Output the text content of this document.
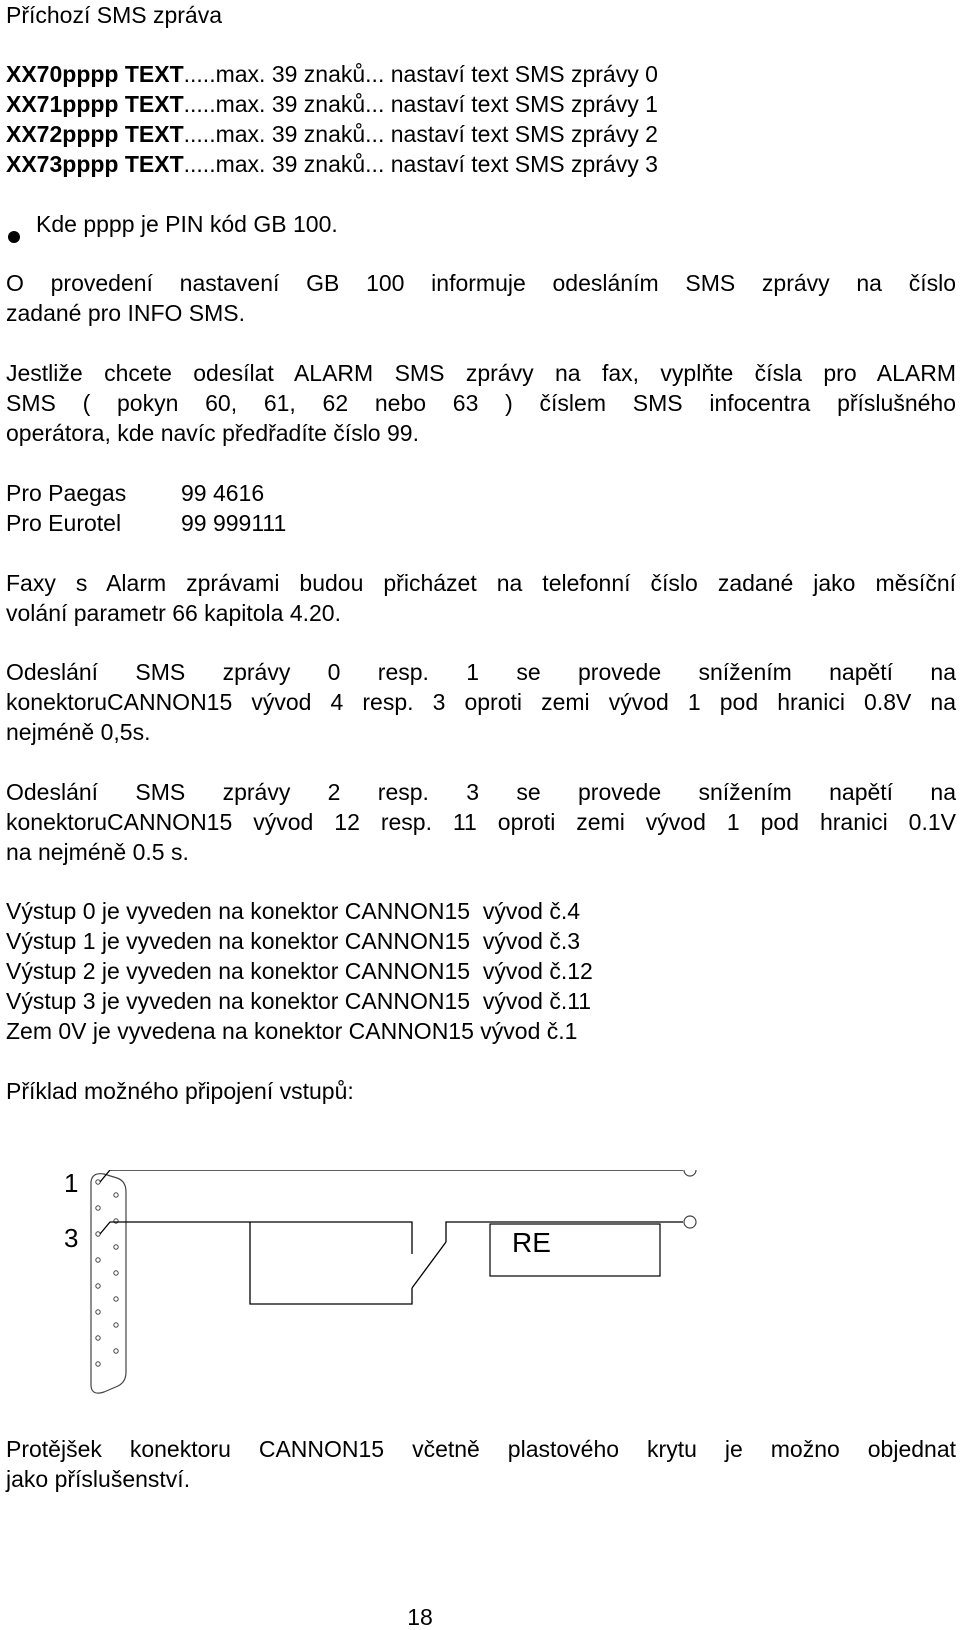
Příchozí SMS zpráva
XX70pppp TEXT.....max. 39 znaků... nastaví text SMS zprávy 0
XX71pppp TEXT.....max. 39 znaků... nastaví text SMS zprávy 1
XX72pppp TEXT.....max. 39 znaků... nastaví text SMS zprávy 2
XX73pppp TEXT.....max. 39 znaků... nastaví text SMS zprávy 3
Kde pppp je PIN kód GB 100.
O provedení nastavení GB 100 informuje odesláním SMS zprávy na číslo
zadané pro INFO SMS.
Jestliže chcete odesílat ALARM SMS zprávy na fax, vyplňte čísla pro ALARM
SMS ( pokyn 60, 61, 62 nebo 63 ) číslem SMS infocentra příslušného
operátora, kde navíc předřadíte číslo 99.
Pro Paegas 99 4616
Pro Eurotel	99 999111
Faxy s Alarm zprávami budou přicházet na telefonní číslo zadané jako měsíční
volání parametr 66 kapitola 4.20.
Odeslání SMS zprávy 0 resp. 1 se provede snížením napětí na
konektoruCANNON15 vývod 4 resp. 3 oproti zemi vývod 1 pod hranici 0.8V na
nejméně 0,5s.
Odeslání SMS zprávy 2 resp. 3 se provede snížením napětí na
konektoruCANNON15 vývod 12 resp. 11 oproti zemi vývod 1 pod hranici 0.1V
na nejméně 0.5 s.
Výstup 0 je vyveden na konektor CANNON15  vývod č.4
Výstup 1 je vyveden na konektor CANNON15  vývod č.3
Výstup 2 je vyveden na konektor CANNON15  vývod č.12
Výstup 3 je vyveden na konektor CANNON15  vývod č.11
Zem 0V je vyvedena na konektor CANNON15 vývod č.1
Příklad možného připojení vstupů:
1
3	RE
Protějšek konektoru CANNON15 včetně plastového krytu je možno objednat
jako příslušenství.
18
